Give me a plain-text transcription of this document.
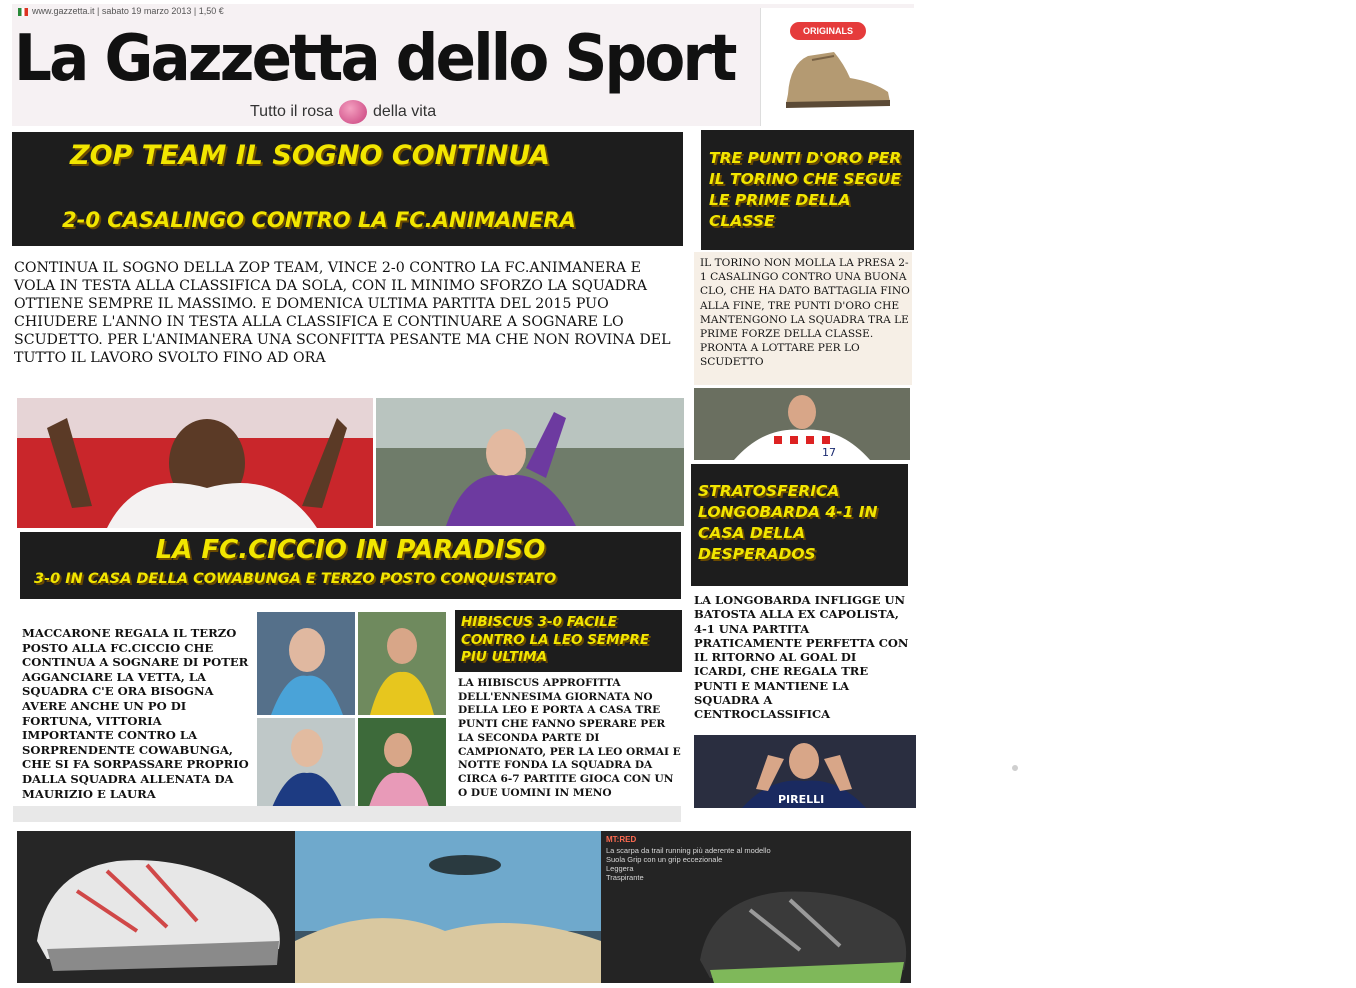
www.gazzetta.it | sabato 19 marzo 2013 | 1,50 €
La Gazzetta dello Sport
Tutto il rosa	della vita
ORIGINALS
ZOP TEAM IL SOGNO CONTINUA
2-0 CASALINGO CONTRO LA FC.ANIMANERA
CONTINUA IL SOGNO DELLA ZOP TEAM, VINCE 2-0 CONTRO LA FC.ANIMANERA E VOLA IN TESTA ALLA CLASSIFICA DA SOLA, CON IL MINIMO SFORZO LA SQUADRA OTTIENE SEMPRE IL MASSIMO. E DOMENICA ULTIMA PARTITA DEL 2015 PUO CHIUDERE L'ANNO IN TESTA ALLA CLASSIFICA E CONTINUARE A SOGNARE LO SCUDETTO. PER L'ANIMANERA UNA SCONFITTA PESANTE MA CHE NON ROVINA DEL TUTTO IL LAVORO SVOLTO FINO AD ORA
LA FC.CICCIO IN PARADISO
3-0 IN CASA DELLA COWABUNGA E TERZO POSTO CONQUISTATO
MACCARONE REGALA IL TERZO POSTO ALLA FC.CICCIO CHE CONTINUA A SOGNARE DI POTER AGGANCIARE LA VETTA, LA SQUADRA C'E ORA BISOGNA AVERE ANCHE UN PO DI FORTUNA, VITTORIA IMPORTANTE CONTRO LA SORPRENDENTE COWABUNGA, CHE SI FA SORPASSARE PROPRIO DALLA SQUADRA ALLENATA DA MAURIZIO E LAURA
HIBISCUS 3-0 FACILE CONTRO LA LEO SEMPRE PIU ULTIMA
LA HIBISCUS APPROFITTA DELL'ENNESIMA GIORNATA NO DELLA LEO E PORTA A CASA TRE PUNTI CHE FANNO SPERARE PER LA SECONDA PARTE DI CAMPIONATO, PER LA LEO ORMAI E NOTTE FONDA LA SQUADRA DA CIRCA 6-7 PARTITE GIOCA CON UN O DUE UOMINI IN MENO
TRE PUNTI D'ORO PER IL TORINO CHE SEGUE LE PRIME DELLA CLASSE
IL TORINO NON MOLLA LA PRESA 2-1 CASALINGO CONTRO UNA BUONA CLO, CHE HA DATO BATTAGLIA FINO ALLA FINE, TRE PUNTI D'ORO CHE MANTENGONO LA SQUADRA TRA LE PRIME FORZE DELLA CLASSE. PRONTA A LOTTARE PER LO SCUDETTO
17
STRATOSFERICA LONGOBARDA 4-1 IN CASA DELLA DESPERADOS
LA LONGOBARDA INFLIGGE UN BATOSTA ALLA EX CAPOLISTA, 4-1 UNA PARTITA PRATICAMENTE PERFETTA CON IL RITORNO AL GOAL DI ICARDI, CHE REGALA TRE PUNTI E MANTIENE LA SQUADRA A CENTROCLASSIFICA
PIRELLI
MT:RED
La scarpa da trail running più aderente al modello
Suola Grip con un grip eccezionale
Leggera
Traspirante
